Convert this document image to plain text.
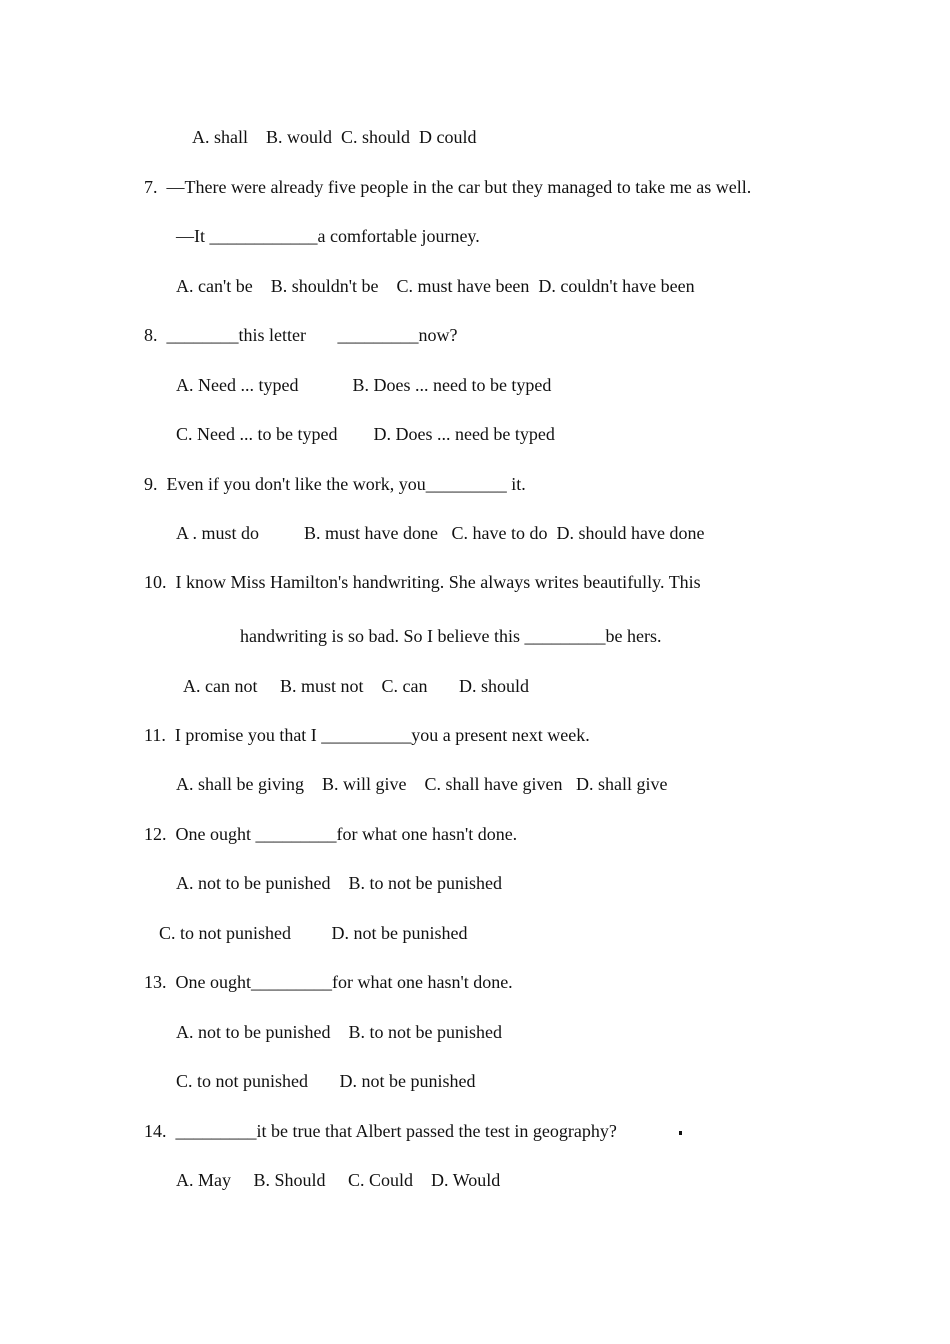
A. shall    B. would  C. should  D could

7.  —There were already five people in the car but they managed to take me as well.

—It ____________a comfortable journey.

A. can't be    B. shouldn't be    C. must have been  D. couldn't have been

8.  ________this letter       _________now?

A. Need ... typed            B. Does ... need to be typed

C. Need ... to be typed        D. Does ... need be typed

9.  Even if you don't like the work, you_________ it.

A . must do          B. must have done   C. have to do  D. should have done

10.  I know Miss Hamilton's handwriting. She always writes beautifully. This

handwriting is so bad. So I believe this _________be hers.

A. can not     B. must not    C. can       D. should

11.  I promise you that I __________you a present next week.

A. shall be giving    B. will give    C. shall have given   D. shall give

12.  One ought _________for what one hasn't done.

A. not to be punished    B. to not be punished

C. to not punished         D. not be punished

13.  One ought_________for what one hasn't done.

A. not to be punished    B. to not be punished

C. to not punished       D. not be punished

14.  _________it be true that Albert passed the test in geography?

A. May     B. Should     C. Could    D. Would
